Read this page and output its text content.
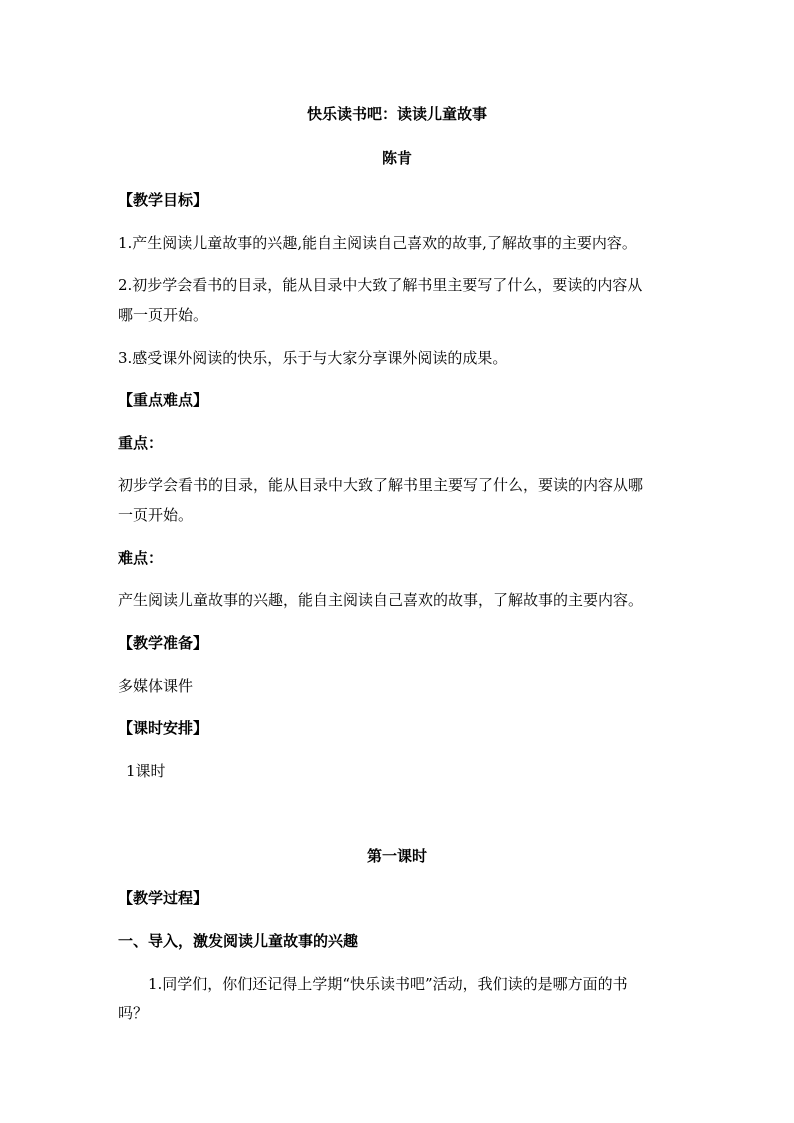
快乐读书吧：读读儿童故事
陈肯
【教学目标】
1.产生阅读儿童故事的兴趣,能自主阅读自己喜欢的故事,了解故事的主要内容。
2.初步学会看书的目录，能从目录中大致了解书里主要写了什么，要读的内容从
哪一页开始。
3.感受课外阅读的快乐，乐于与大家分享课外阅读的成果。
【重点难点】
重点：
初步学会看书的目录，能从目录中大致了解书里主要写了什么，要读的内容从哪
一页开始。
难点：
产生阅读儿童故事的兴趣，能自主阅读自己喜欢的故事，了解故事的主要内容。
【教学准备】
多媒体课件
【课时安排】
1课时
第一课时
【教学过程】
一、导入，激发阅读儿童故事的兴趣
1.同学们，你们还记得上学期“快乐读书吧”活动，我们读的是哪方面的书
吗？
